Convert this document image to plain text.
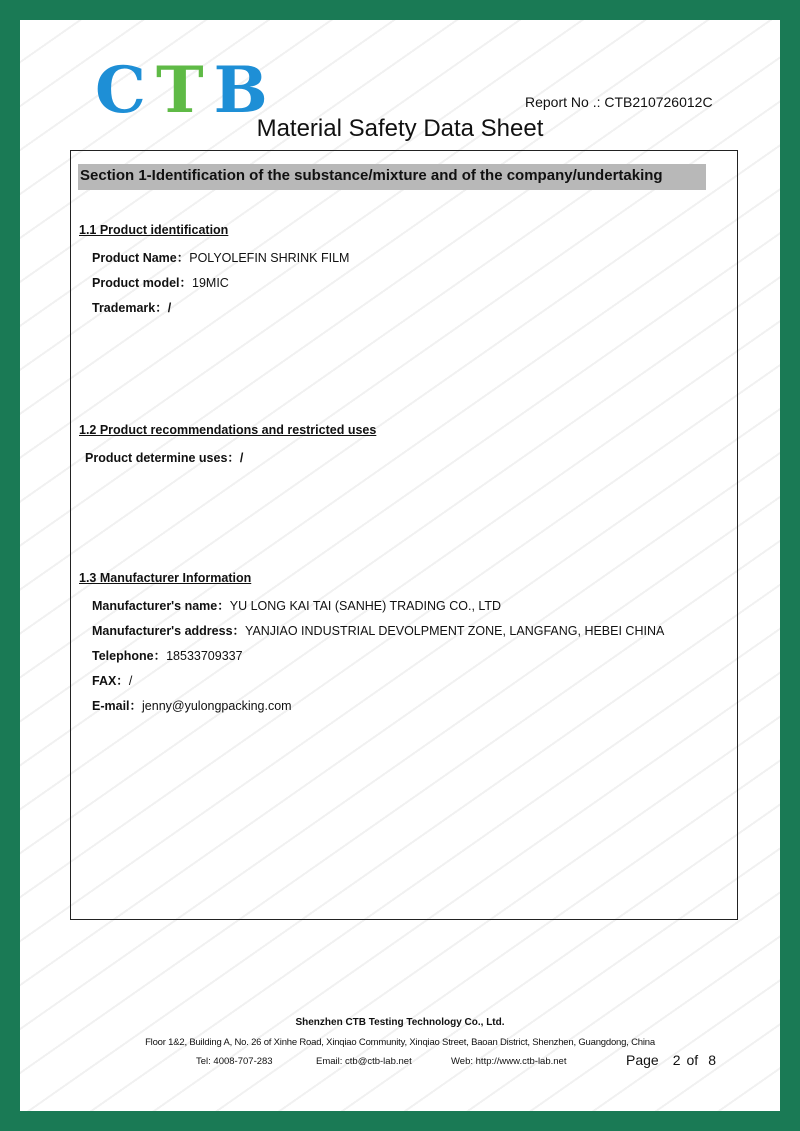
CTB	Report No .: CTB210726012C
Material Safety Data Sheet
Section 1-Identification of the substance/mixture and of the company/undertaking
1.1 Product identification
Product Name：POLYOLEFIN SHRINK FILM
Product model：19MIC
Trademark：/
1.2 Product recommendations and restricted uses
Product determine uses：/
1.3 Manufacturer Information
Manufacturer's name：YU LONG KAI TAI (SANHE) TRADING CO., LTD
Manufacturer's address：YANJIAO INDUSTRIAL DEVOLPMENT ZONE, LANGFANG, HEBEI CHINA
Telephone：18533709337
FAX：/
E-mail：jenny@yulongpacking.com
Shenzhen CTB Testing Technology Co., Ltd.
Floor 1&2, Building A, No. 26 of Xinhe Road, Xinqiao Community, Xinqiao Street, Baoan District, Shenzhen, Guangdong, China
Tel: 4008-707-283	Email: ctb@ctb-lab.net	Web: http://www.ctb-lab.net	Page 2 of 8
